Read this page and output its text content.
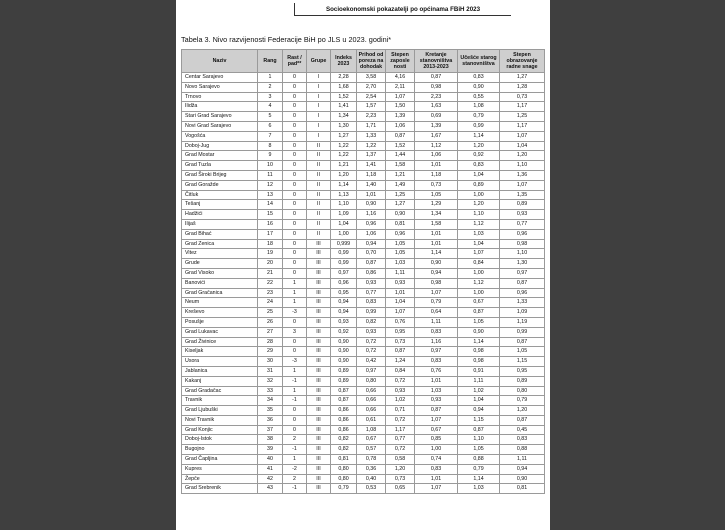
Socioekonomski pokazatelji po općinama FBiH 2023
Tabela 3. Nivo razvijenosti Federacije BiH po JLS u 2023. godini*
Naziv	Rang	Rast / pad**	Grupe	Indeks 2023	Prihod od poreza na dohodak	Stepen zaposle nosti	Kretanje stanovništva 2013-2023	Učešće starog stanovništva	Stepen obrazovanje radne snage
Centar Sarajevo	1	0	I	2,28	3,58	4,16	0,87	0,83	1,27
Novo Sarajevo	2	0	I	1,68	2,70	2,11	0,98	0,90	1,28
Trnovo	3	0	I	1,52	2,54	1,07	2,23	0,55	0,73
Ilidža	4	0	I	1,41	1,57	1,50	1,63	1,08	1,17
Stari Grad Sarajevo	5	0	I	1,34	2,23	1,39	0,69	0,79	1,25
Novi Grad Sarajevo	6	0	I	1,30	1,71	1,06	1,39	0,99	1,17
Vogošća	7	0	I	1,27	1,33	0,87	1,67	1,14	1,07
Doboj-Jug	8	0	II	1,22	1,22	1,52	1,12	1,20	1,04
Grad Mostar	9	0	II	1,22	1,37	1,44	1,06	0,92	1,20
Grad Tuzla	10	0	II	1,21	1,41	1,58	1,01	0,83	1,10
Grad Široki Brijeg	11	0	II	1,20	1,18	1,21	1,18	1,04	1,36
Grad Goražde	12	0	II	1,14	1,40	1,49	0,73	0,89	1,07
Čitluk	13	0	II	1,13	1,01	1,25	1,05	1,00	1,35
Tešanj	14	0	II	1,10	0,90	1,27	1,29	1,20	0,89
Hadžići	15	0	II	1,09	1,16	0,90	1,34	1,10	0,93
Ilijaš	16	0	II	1,04	0,96	0,81	1,58	1,12	0,77
Grad Bihać	17	0	II	1,00	1,06	0,96	1,01	1,03	0,96
Grad Zenica	18	0	III	0,999	0,94	1,05	1,01	1,04	0,98
Vitez	19	0	III	0,99	0,70	1,05	1,14	1,07	1,10
Grude	20	0	III	0,99	0,87	1,03	0,90	0,84	1,30
Grad Visoko	21	0	III	0,97	0,86	1,11	0,94	1,00	0,97
Banovići	22	1	III	0,96	0,93	0,93	0,98	1,12	0,87
Grad Gračanica	23	1	III	0,95	0,77	1,01	1,07	1,00	0,96
Neum	24	1	III	0,94	0,83	1,04	0,79	0,67	1,33
Kreševo	25	-3	III	0,94	0,99	1,07	0,64	0,87	1,09
Posušje	26	0	III	0,93	0,82	0,76	1,11	1,05	1,19
Grad Lukavac	27	3	III	0,92	0,93	0,95	0,83	0,90	0,99
Grad Živinice	28	0	III	0,90	0,72	0,73	1,16	1,14	0,87
Kiseljak	29	0	III	0,90	0,72	0,87	0,97	0,98	1,05
Usora	30	-3	III	0,90	0,42	1,24	0,83	0,98	1,15
Jablanica	31	1	III	0,89	0,97	0,84	0,76	0,91	0,95
Kakanj	32	-1	III	0,89	0,80	0,72	1,01	1,11	0,89
Grad Gradačac	33	1	III	0,87	0,66	0,93	1,03	1,02	0,80
Travnik	34	-1	III	0,87	0,66	1,02	0,93	1,04	0,79
Grad Ljubuški	35	0	III	0,86	0,66	0,71	0,87	0,94	1,20
Novi Travnik	36	0	III	0,86	0,61	0,72	1,07	1,15	0,87
Grad Konjic	37	0	III	0,86	1,08	1,17	0,67	0,87	0,45
Doboj-Istok	38	2	III	0,82	0,67	0,77	0,85	1,10	0,83
Bugojno	39	-1	III	0,82	0,57	0,72	1,00	1,05	0,88
Grad Čapljina	40	1	III	0,81	0,78	0,58	0,74	0,88	1,11
Kupres	41	-2	III	0,80	0,36	1,20	0,83	0,79	0,94
Žepče	42	2	III	0,80	0,40	0,73	1,01	1,14	0,90
Grad Srebrenik	43	-1	III	0,79	0,53	0,65	1,07	1,03	0,81
